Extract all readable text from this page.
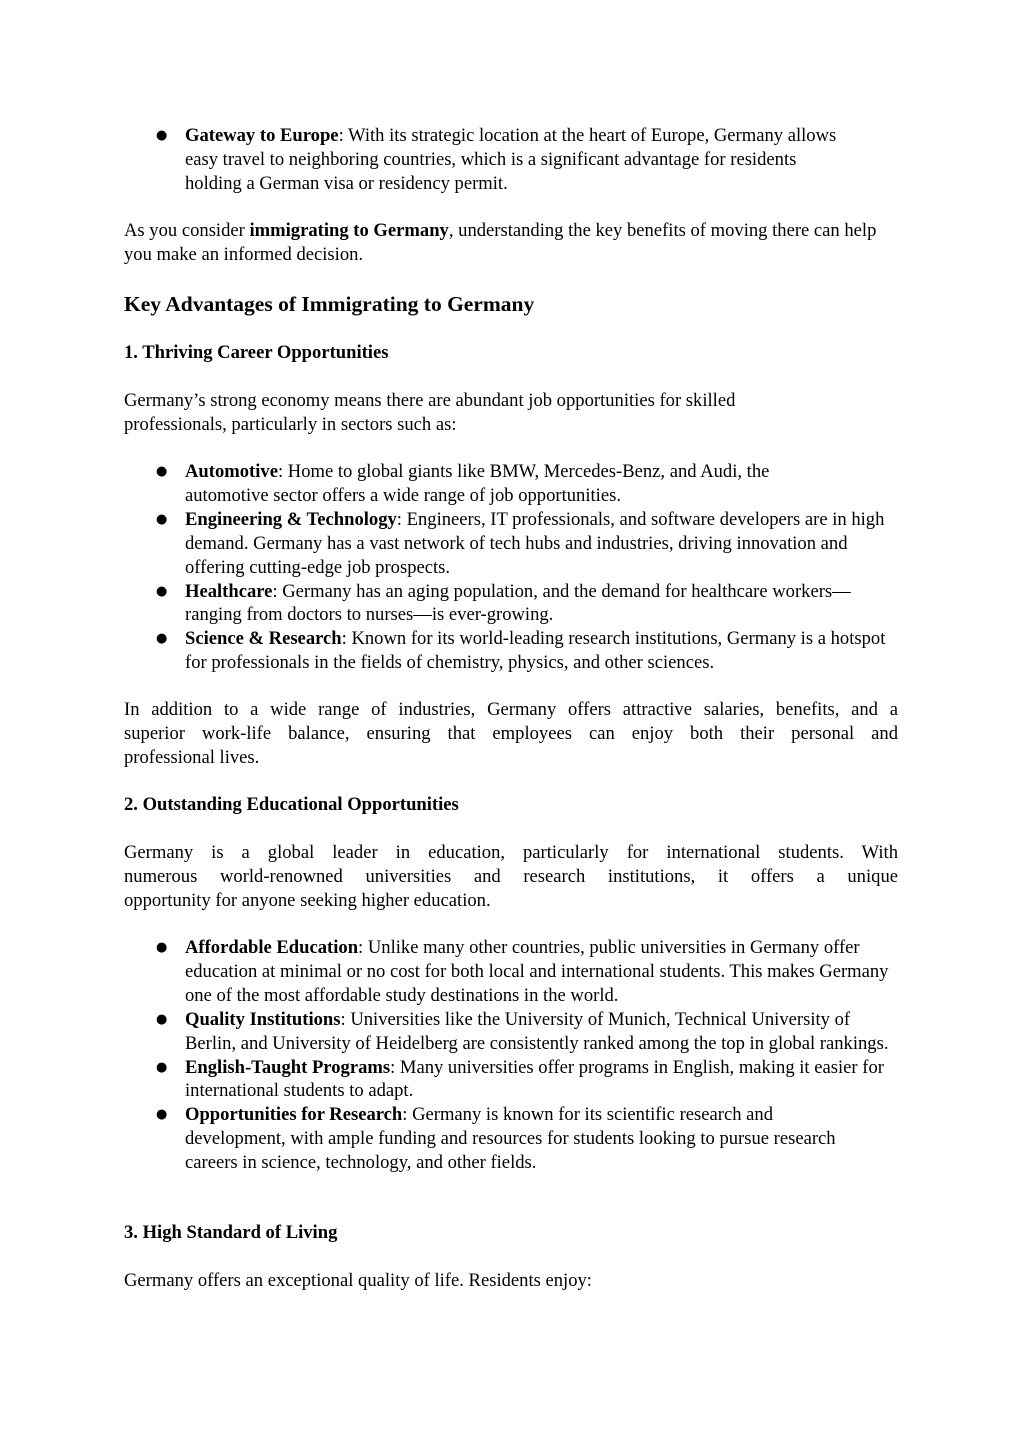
● Gateway to Europe: With its strategic location at the heart of Europe, Germany allows easy travel to neighboring countries, which is a significant advantage for residents holding a German visa or residency permit.

As you consider immigrating to Germany, understanding the key benefits of moving there can help you make an informed decision.

Key Advantages of Immigrating to Germany
1. Thriving Career Opportunities

Germany’s strong economy means there are abundant job opportunities for skilled professionals, particularly in sectors such as:

● Automotive: Home to global giants like BMW, Mercedes-Benz, and Audi, the automotive sector offers a wide range of job opportunities.
● Engineering & Technology: Engineers, IT professionals, and software developers are in high demand. Germany has a vast network of tech hubs and industries, driving innovation and offering cutting-edge job prospects.
● Healthcare: Germany has an aging population, and the demand for healthcare workers—ranging from doctors to nurses—is ever-growing.
● Science & Research: Known for its world-leading research institutions, Germany is a hotspot for professionals in the fields of chemistry, physics, and other sciences.

In addition to a wide range of industries, Germany offers attractive salaries, benefits, and a
superior work-life balance, ensuring that employees can enjoy both their personal and
professional lives.

2. Outstanding Educational Opportunities

Germany is a global leader in education, particularly for international students. With
numerous world-renowned universities and research institutions, it offers a unique
opportunity for anyone seeking higher education.

● Affordable Education: Unlike many other countries, public universities in Germany offer education at minimal or no cost for both local and international students. This makes Germany one of the most affordable study destinations in the world.
● Quality Institutions: Universities like the University of Munich, Technical University of Berlin, and University of Heidelberg are consistently ranked among the top in global rankings.
● English-Taught Programs: Many universities offer programs in English, making it easier for international students to adapt.
● Opportunities for Research: Germany is known for its scientific research and development, with ample funding and resources for students looking to pursue research careers in science, technology, and other fields.
3. High Standard of Living

Germany offers an exceptional quality of life. Residents enjoy:
